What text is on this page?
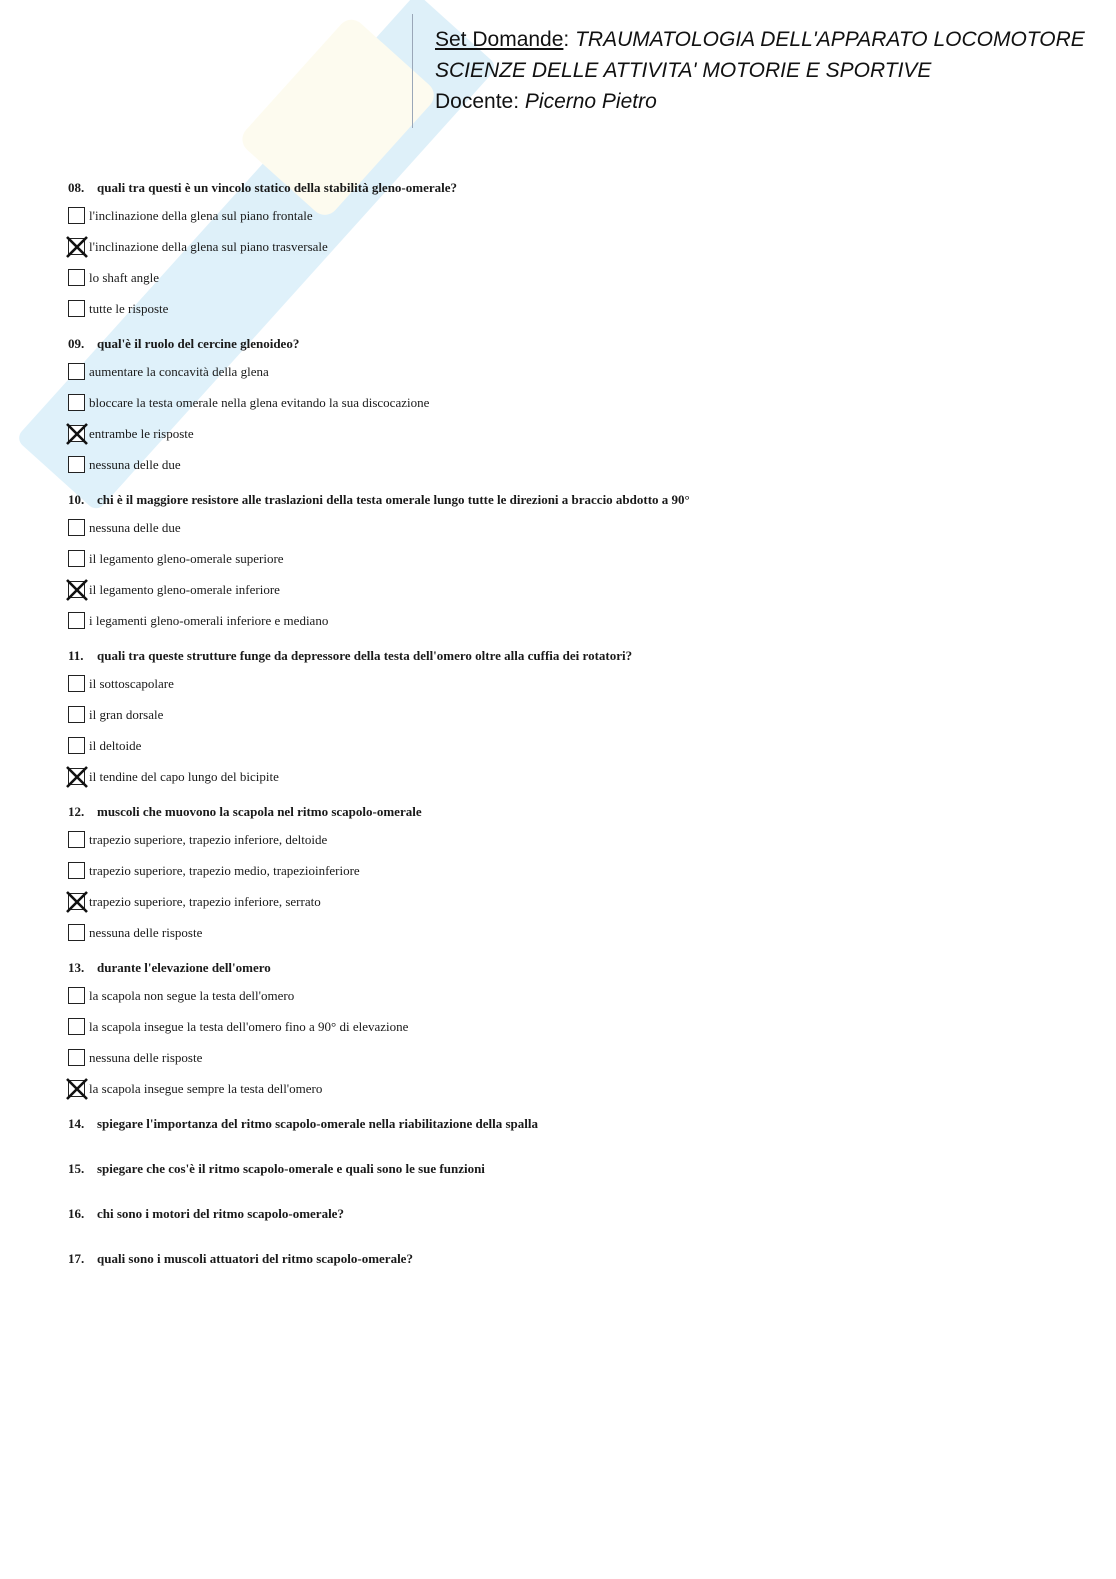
Set Domande: TRAUMATOLOGIA DELL'APPARATO LOCOMOTORE
SCIENZE DELLE ATTIVITA' MOTORIE E SPORTIVE
Docente: Picerno Pietro
08. quali tra questi è un vincolo statico della stabilità gleno-omerale?
l'inclinazione della glena sul piano frontale
l'inclinazione della glena sul piano trasversale
lo shaft angle
tutte le risposte
09. qual'è il ruolo del cercine glenoideo?
aumentare la concavità della glena
bloccare la testa omerale nella glena evitando la sua discocazione
entrambe le risposte
nessuna delle due
10. chi è il maggiore resistore alle traslazioni della testa omerale lungo tutte le direzioni a braccio abdotto a 90°
nessuna delle due
il legamento gleno-omerale superiore
il legamento gleno-omerale inferiore
i legamenti gleno-omerali inferiore e mediano
11. quali tra queste strutture funge da depressore della testa dell'omero oltre alla cuffia dei rotatori?
il sottoscapolare
il gran dorsale
il deltoide
il tendine del capo lungo del bicipite
12. muscoli che muovono la scapola nel ritmo scapolo-omerale
trapezio superiore, trapezio inferiore, deltoide
trapezio superiore, trapezio medio, trapezioinferiore
trapezio superiore, trapezio inferiore, serrato
nessuna delle risposte
13. durante l'elevazione dell'omero
la scapola non segue la testa dell'omero
la scapola insegue la testa dell'omero fino a 90° di elevazione
nessuna delle risposte
la scapola insegue sempre la testa dell'omero
14. spiegare l'importanza del ritmo scapolo-omerale nella riabilitazione della spalla
15. spiegare che cos'è il ritmo scapolo-omerale e quali sono le sue funzioni
16. chi sono i motori del ritmo scapolo-omerale?
17. quali sono i muscoli attuatori del ritmo scapolo-omerale?
